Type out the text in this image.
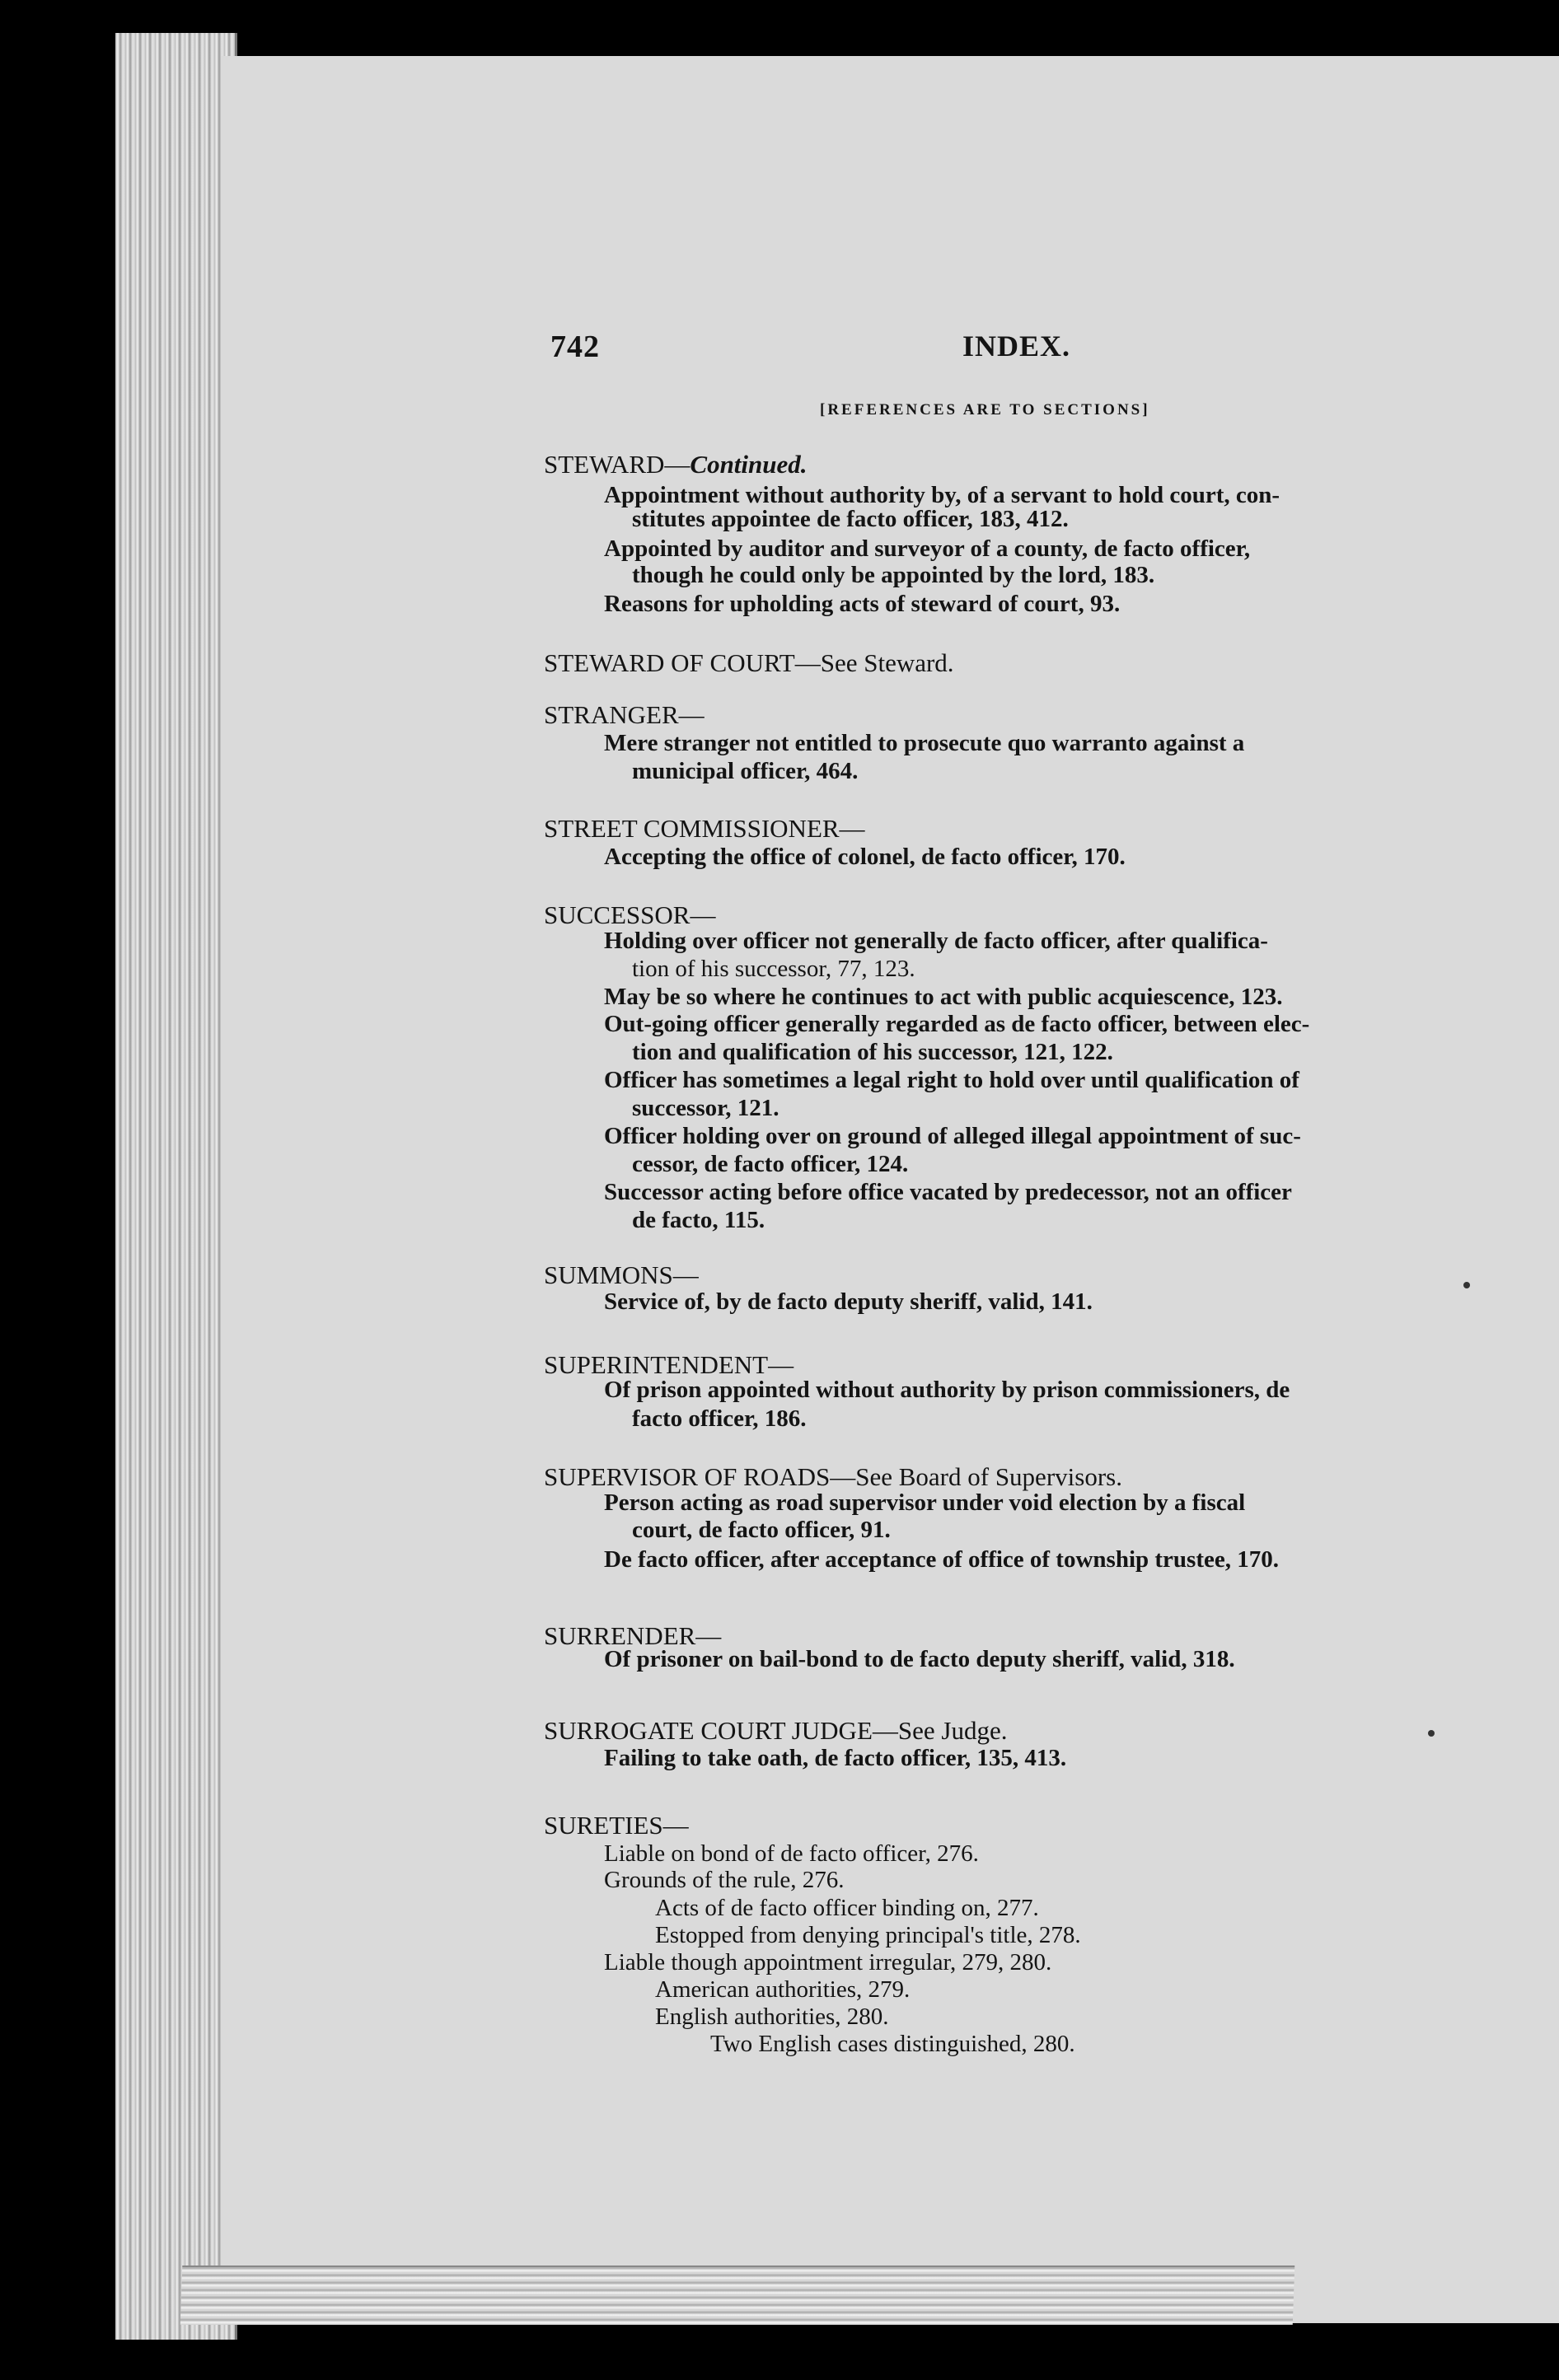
742	INDEX.
[REFERENCES ARE TO SECTIONS]
STEWARD—Continued.
Appointment without authority by, of a servant to hold court, con-
stitutes appointee de facto officer, 183, 412.
Appointed by auditor and surveyor of a county, de facto officer,
though he could only be appointed by the lord, 183.
Reasons for upholding acts of steward of court, 93.
STEWARD OF COURT—See Steward.
STRANGER—
Mere stranger not entitled to prosecute quo warranto against a
municipal officer, 464.
STREET COMMISSIONER—
Accepting the office of colonel, de facto officer, 170.
SUCCESSOR—
Holding over officer not generally de facto officer, after qualifica-
tion of his successor, 77, 123.
May be so where he continues to act with public acquiescence, 123.
Out-going officer generally regarded as de facto officer, between elec-
tion and qualification of his successor, 121, 122.
Officer has sometimes a legal right to hold over until qualification of
successor, 121.
Officer holding over on ground of alleged illegal appointment of suc-
cessor, de facto officer, 124.
Successor acting before office vacated by predecessor, not an officer
de facto, 115.
SUMMONS—
Service of, by de facto deputy sheriff, valid, 141.
SUPERINTENDENT—
Of prison appointed without authority by prison commissioners, de
facto officer, 186.
SUPERVISOR OF ROADS—See Board of Supervisors.
Person acting as road supervisor under void election by a fiscal
court, de facto officer, 91.
De facto officer, after acceptance of office of township trustee, 170.
SURRENDER—
Of prisoner on bail-bond to de facto deputy sheriff, valid, 318.
SURROGATE COURT JUDGE—See Judge.
Failing to take oath, de facto officer, 135, 413.
SURETIES—
Liable on bond of de facto officer, 276.
Grounds of the rule, 276.
Acts of de facto officer binding on, 277.
Estopped from denying principal's title, 278.
Liable though appointment irregular, 279, 280.
American authorities, 279.
English authorities, 280.
Two English cases distinguished, 280.
